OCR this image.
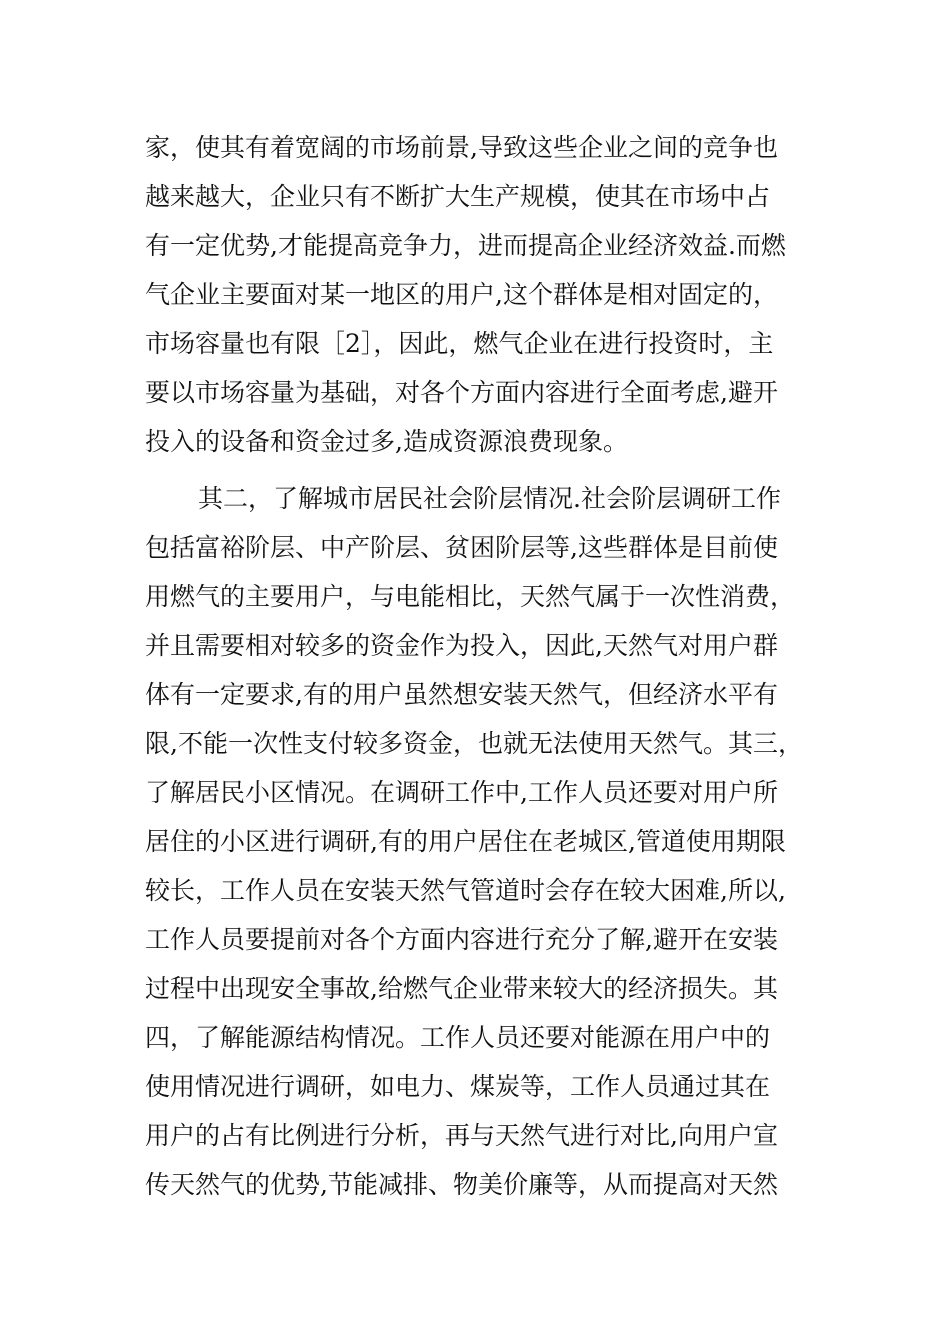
家，使其有着宽阔的市场前景,导致这些企业之间的竞争也
越来越大，企业只有不断扩大生产规模，使其在市场中占
有一定优势,才能提高竞争力，进而提高企业经济效益.而燃
气企业主要面对某一地区的用户,这个群体是相对固定的，
市场容量也有限［2］，因此，燃气企业在进行投资时，主
要以市场容量为基础，对各个方面内容进行全面考虑,避开
投入的设备和资金过多,造成资源浪费现象。
其二，了解城市居民社会阶层情况.社会阶层调研工作
包括富裕阶层、中产阶层、贫困阶层等,这些群体是目前使
用燃气的主要用户，与电能相比，天然气属于一次性消费，
并且需要相对较多的资金作为投入，因此,天然气对用户群
体有一定要求,有的用户虽然想安装天然气，但经济水平有
限,不能一次性支付较多资金，也就无法使用天然气。其三，
了解居民小区情况。在调研工作中,工作人员还要对用户所
居住的小区进行调研,有的用户居住在老城区,管道使用期限
较长，工作人员在安装天然气管道时会存在较大困难,所以,
工作人员要提前对各个方面内容进行充分了解,避开在安装
过程中出现安全事故,给燃气企业带来较大的经济损失。其
四，了解能源结构情况。工作人员还要对能源在用户中的
使用情况进行调研，如电力、煤炭等，工作人员通过其在
用户的占有比例进行分析，再与天然气进行对比,向用户宣
传天然气的优势,节能减排、物美价廉等，从而提高对天然
